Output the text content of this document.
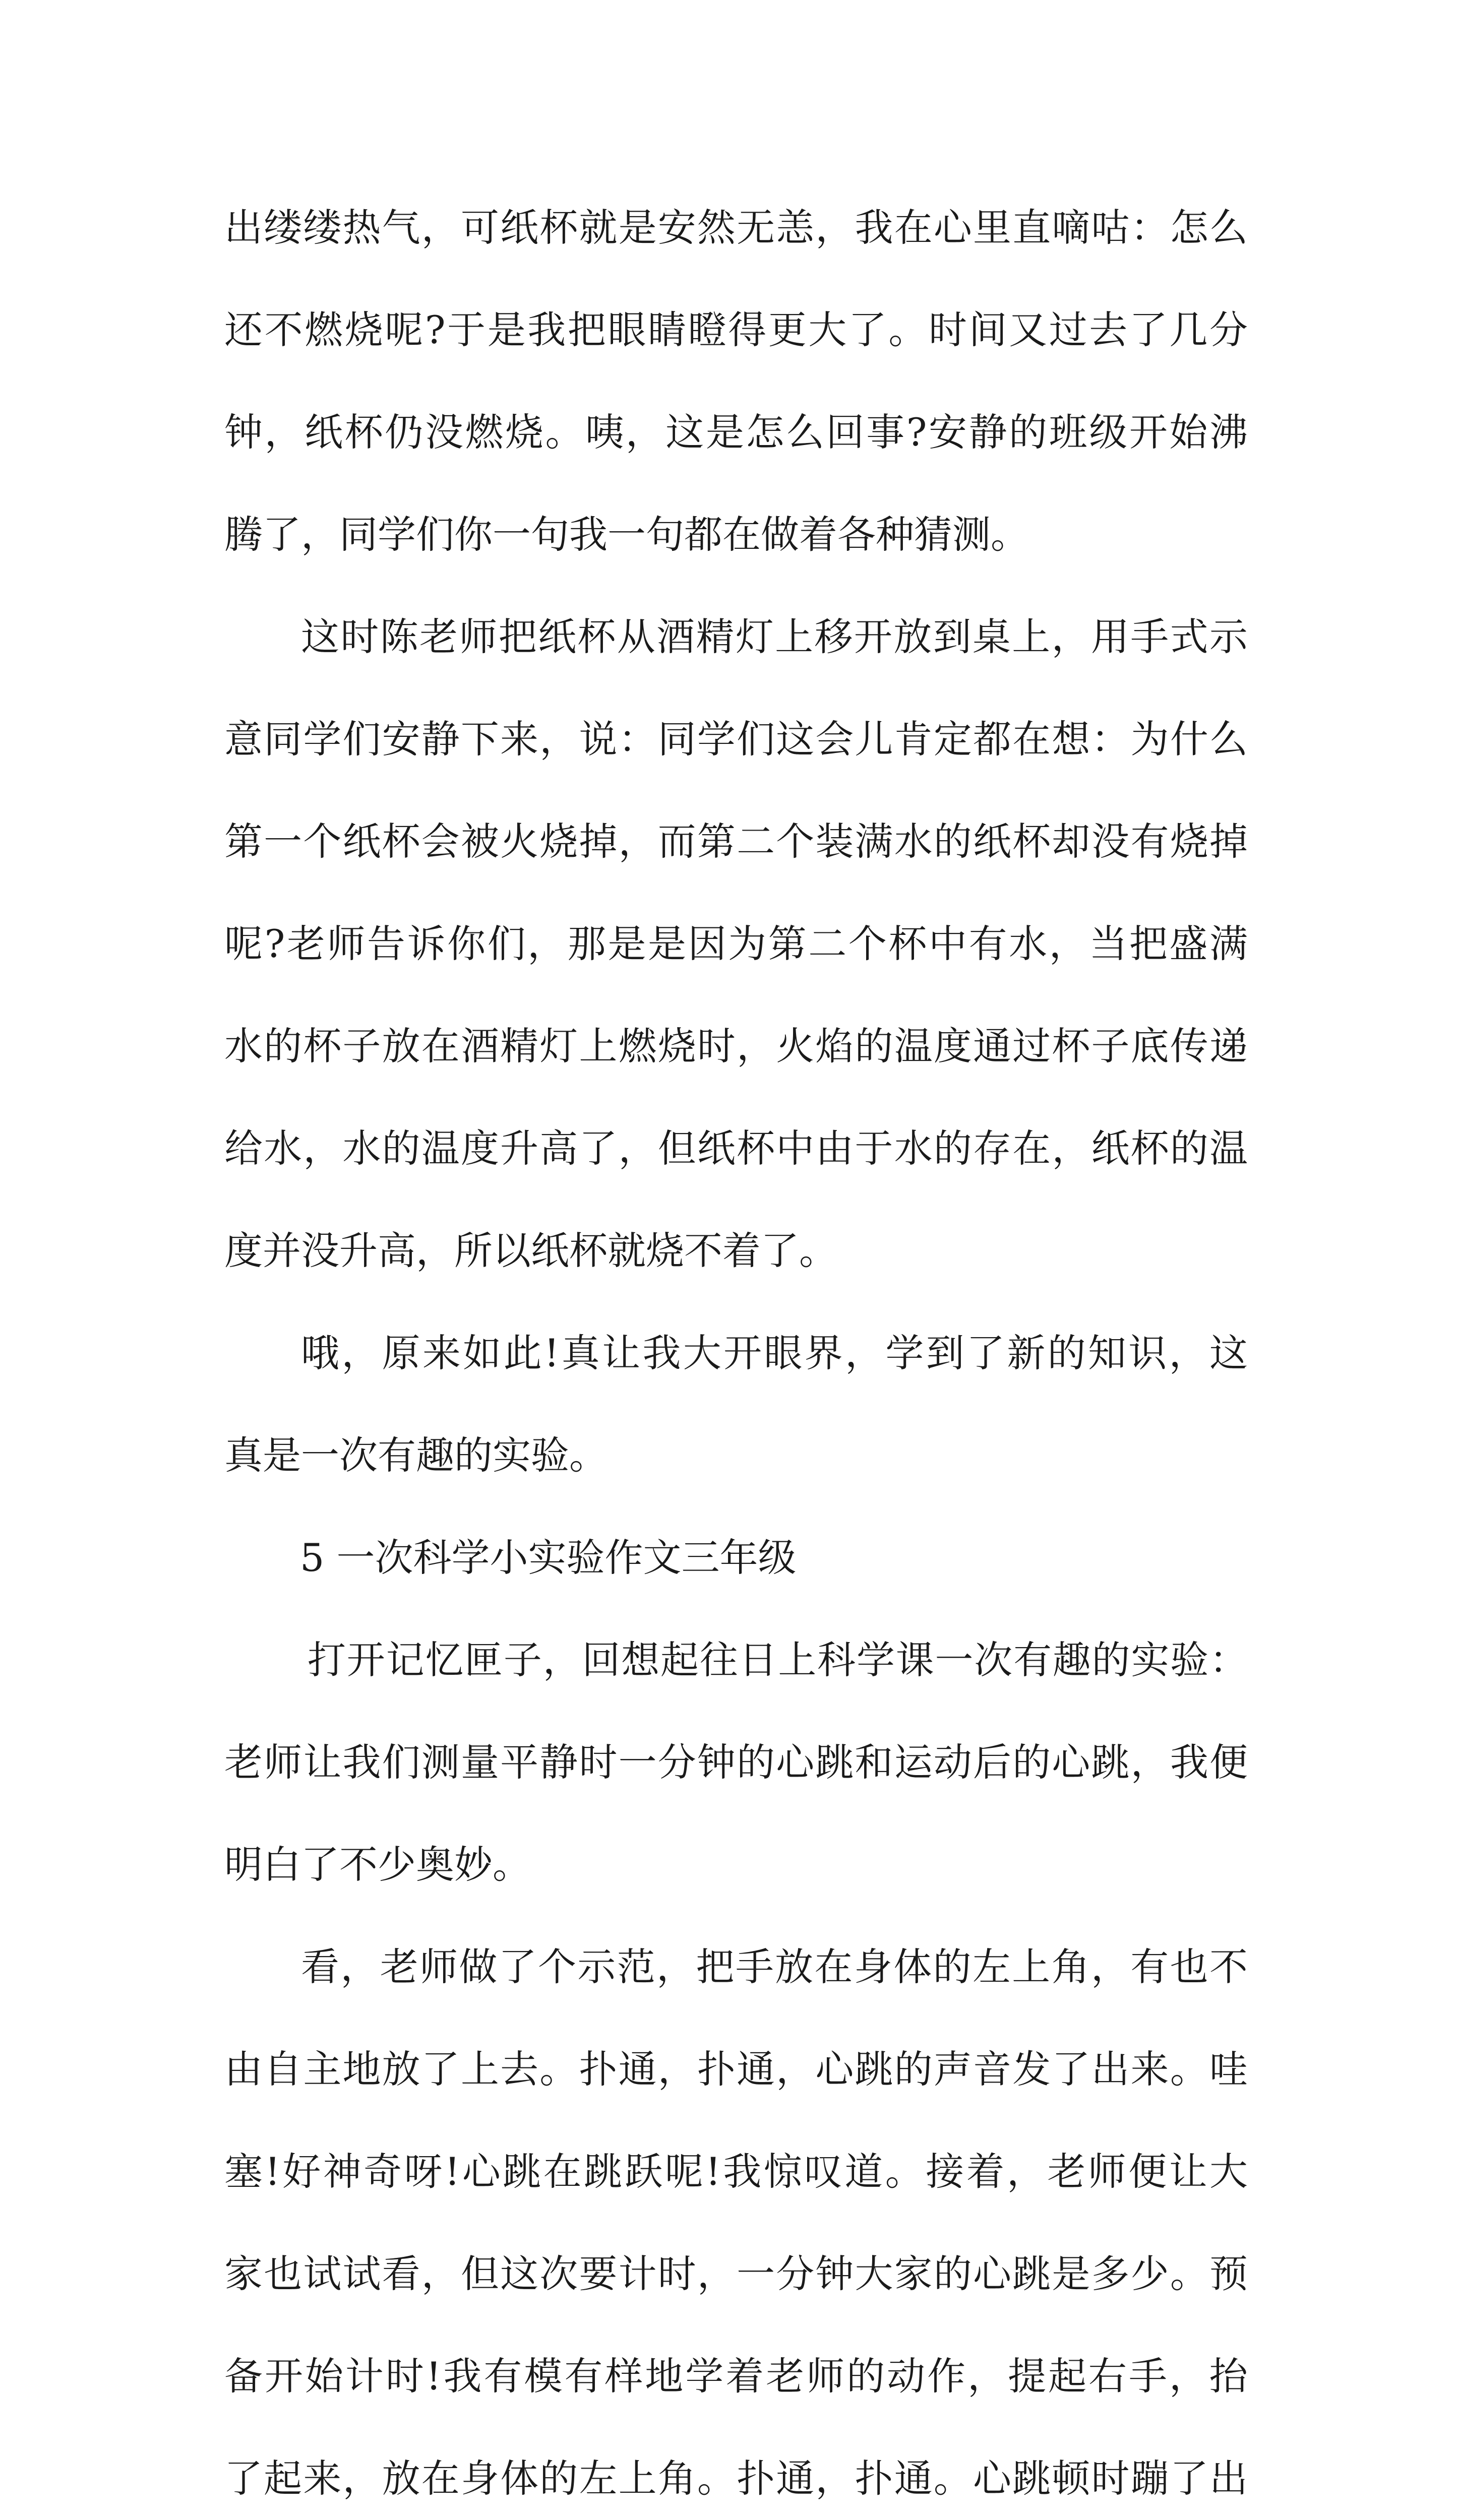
出缕缕热气，可纸杯就是安然无恙，我在心里直嘀咕：怎么
还不燃烧呢?于是我把眼睛瞪得更大了。时间又过去了几分
钟，纸杯仍没燃烧。咦，这是怎么回事?安静的班级开始沸
腾了，同学们你一句我一句都在做着各种猜测。
这时陈老师把纸杯从酒精灯上移开放到桌上，用手式示
意同学们安静下来，说：同学们这会儿肯定都在想：为什么
第一个纸杯会被火烧掉，而第二个装满水的纸杯却没有烧掉
呢?老师告诉你们，那是是因为第二个杯中有水，当把盛满
水的杯子放在酒精灯上燃烧时，火焰的温度通过杯子底传递
给水，水的温度升高了，但纸杯中由于水的存在，纸杯的温
度并没升高，所以纸杯就烧不着了。
哦，原来如此!真让我大开眼界，学到了新的知识，这
真是一次有趣的实验。
5 一次科学小实验作文三年级
打开记忆匣子，回想起往日上科学课一次有趣的实验：
老师让我们测量平静时一分钟的心跳和运动后的心跳，我便
明白了不少奥妙。
看，老师做了个示范，把手放在身体的左上角，有也不
由自主地放了上去。扑通，扑通，心跳的声音发了出来。哇
塞!好神奇呀!心跳在跳跃呢!我惊叹道。接着，老师便让大
家也试试看，但这次要计时，一分钟大家的心跳是多少。预
备开始计时!我有模有样地学着老师的动作，提起右手，抬
了起来，放在身体的左上角。扑通，扑通。心跳顿时蹦了出
